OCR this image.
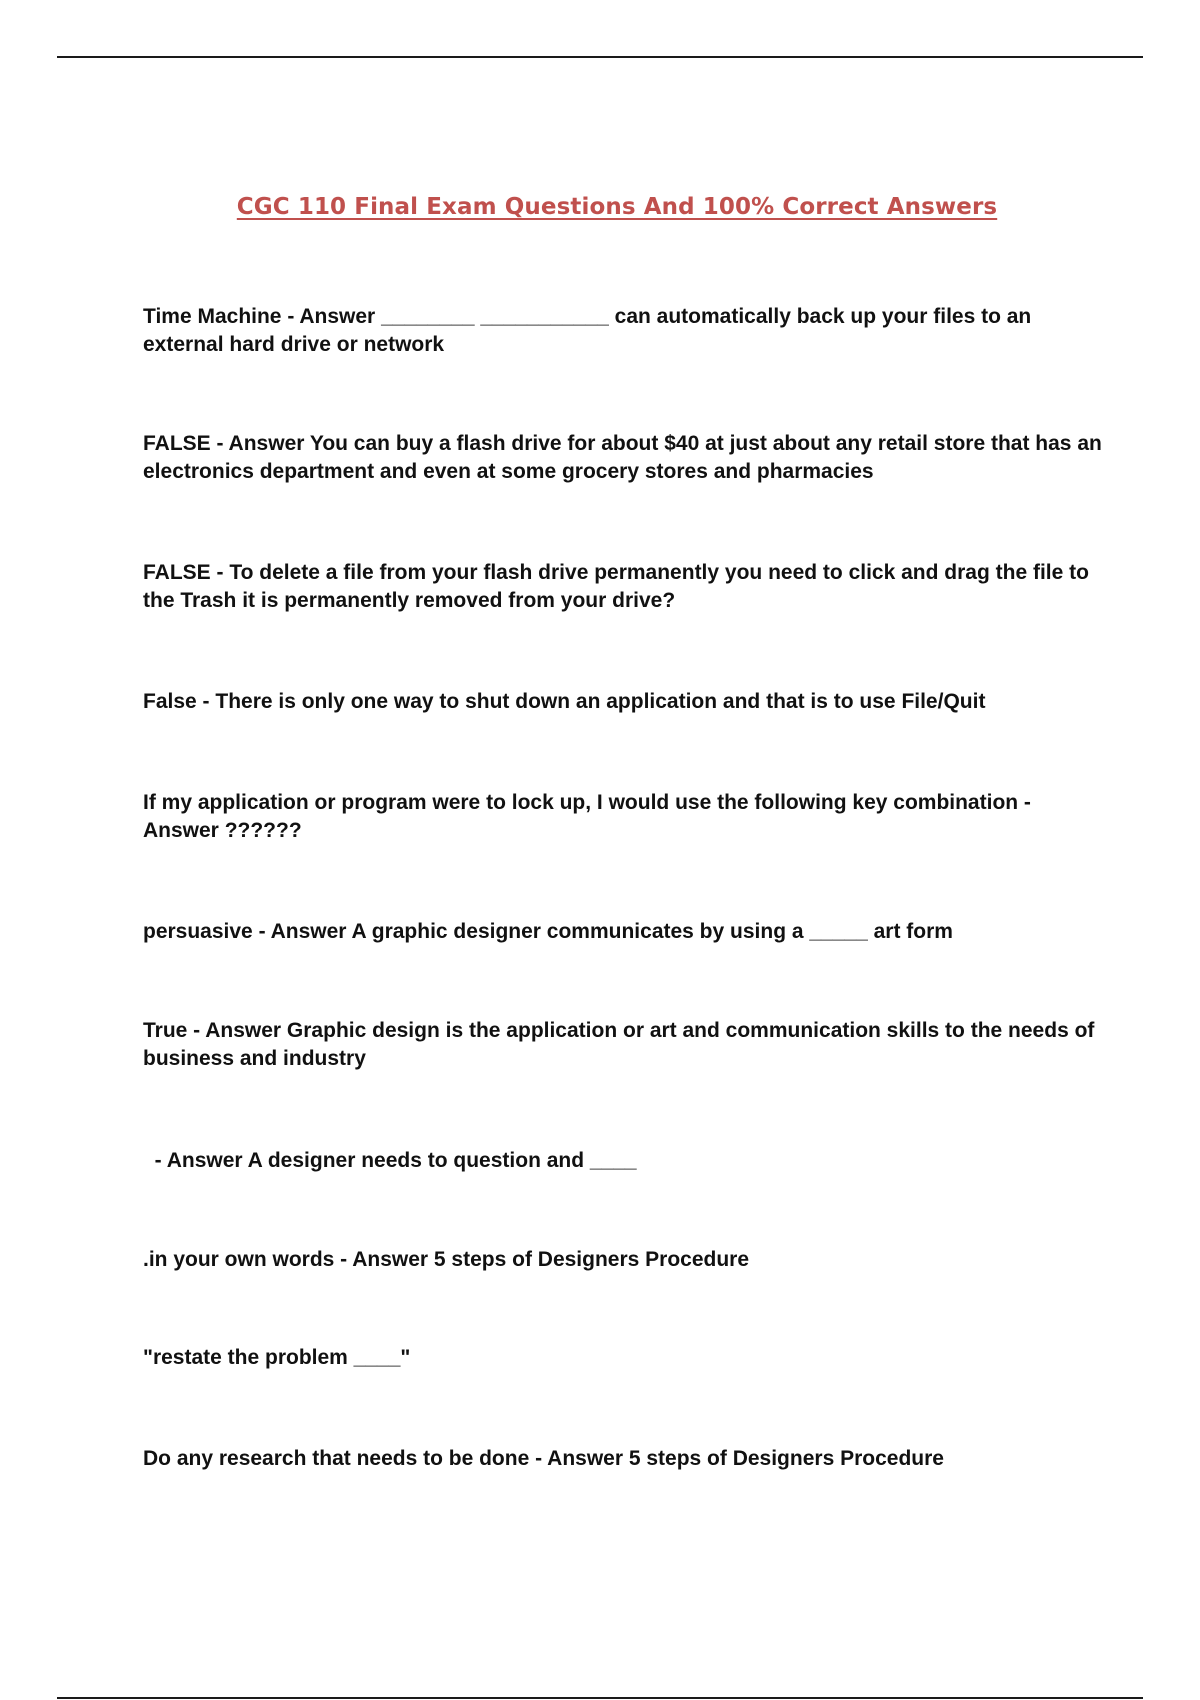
CGC 110 Final Exam Questions And 100% Correct Answers
Time Machine - Answer ________ ___________ can automatically back up your files to an external hard drive or network
FALSE - Answer You can buy a flash drive for about $40 at just about any retail store that has an electronics department and even at some grocery stores and pharmacies
FALSE - To delete a file from your flash drive permanently you need to click and drag the file to the Trash it is permanently removed from your drive?
False - There is only one way to shut down an application and that is to use File/Quit
If my application or program were to lock up, I would use the following key combination - Answer ??????
persuasive - Answer A graphic designer communicates by using a _____ art form
True - Answer Graphic design is the application or art and communication skills to the needs of business and industry
- Answer A designer needs to question and ____
.in your own words - Answer 5 steps of Designers Procedure
"restate the problem ____"
Do any research that needs to be done - Answer 5 steps of Designers Procedure
